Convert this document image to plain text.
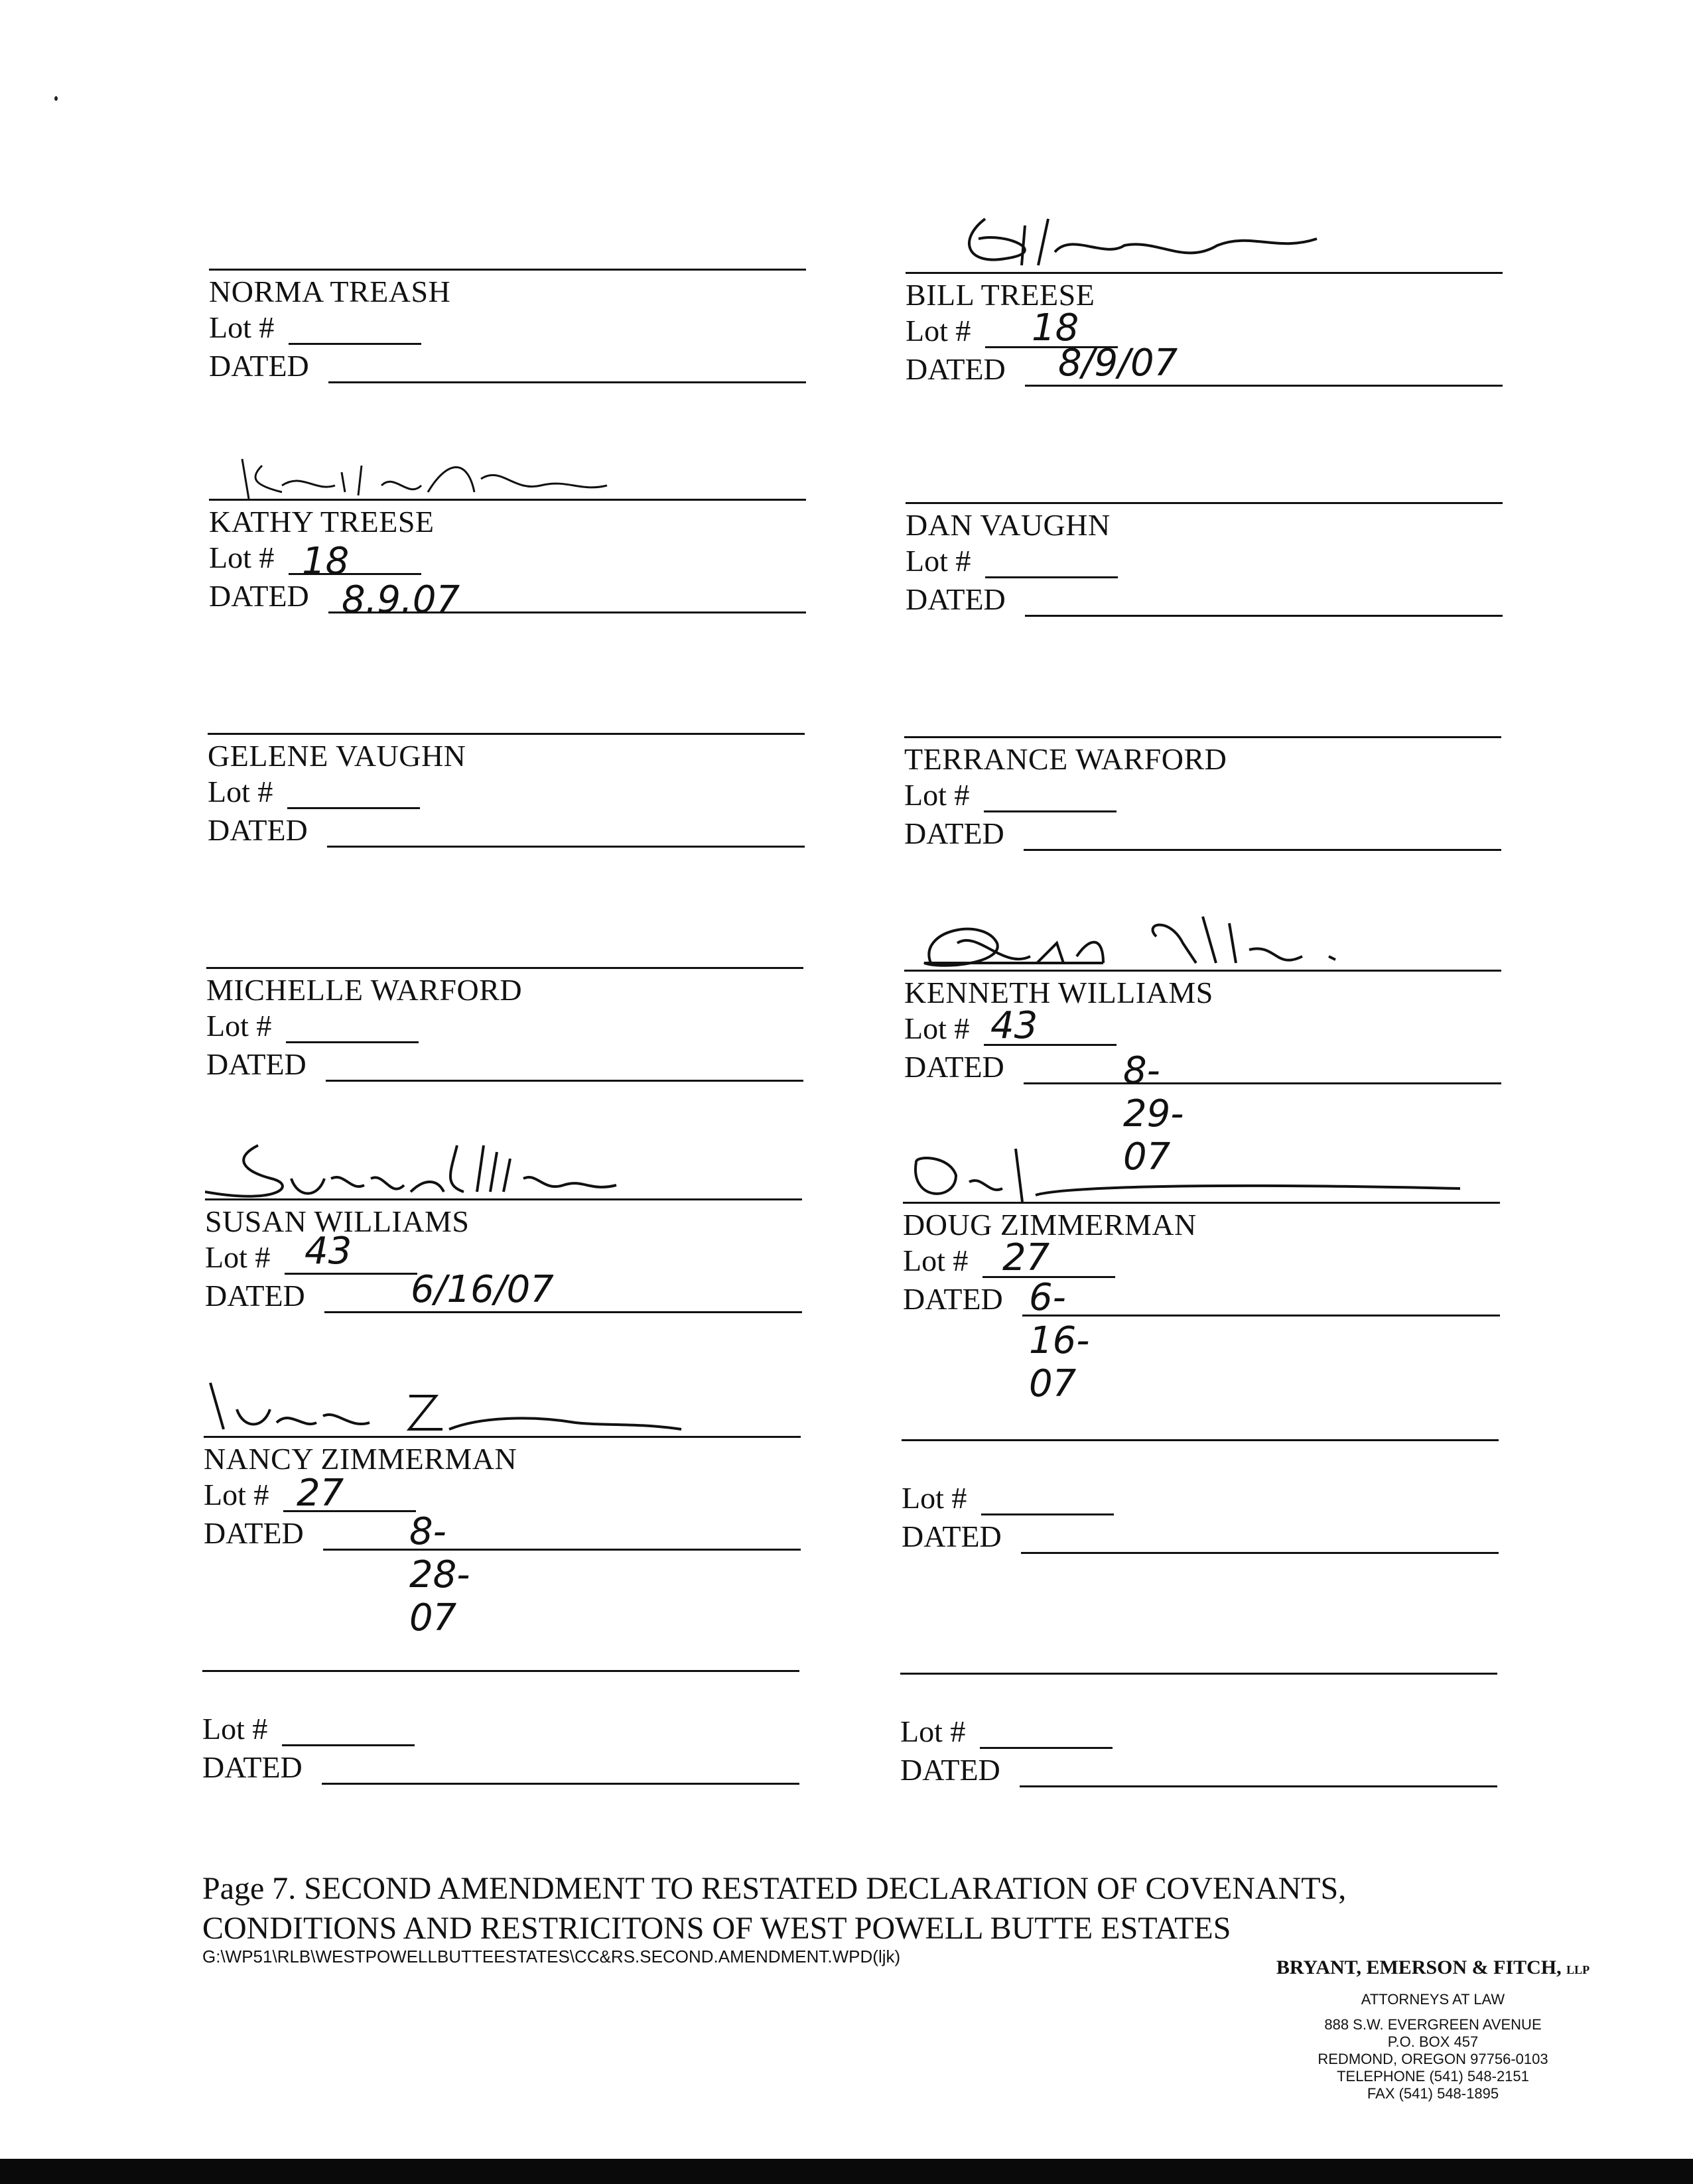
NORMA TREASH
Lot #
DATED
BILL TREESE
Lot # 18
DATED 8/9/07
KATHY TREESE
Lot # 18
DATED 8.9.07
DAN VAUGHN
Lot #
DATED
GELENE VAUGHN
Lot #
DATED
TERRANCE WARFORD
Lot #
DATED
MICHELLE WARFORD
Lot #
DATED
KENNETH WILLIAMS
Lot # 43
DATED	8-29-07
SUSAN WILLIAMS
Lot # 43
DATED	6/16/07
DOUG ZIMMERMAN
Lot # 27
DATED 6-16-07
NANCY ZIMMERMAN
Lot # 27
DATED	8-28-07
Lot #
DATED
Lot #
DATED
Lot #
DATED
Page 7. SECOND AMENDMENT TO RESTATED DECLARATION OF COVENANTS,
CONDITIONS AND RESTRICITONS OF WEST POWELL BUTTE ESTATES
G:\WP51\RLB\WESTPOWELLBUTTEESTATES\CC&RS.SECOND.AMENDMENT.WPD(ljk)	BRYANT, EMERSON & FITCH, LLP
ATTORNEYS AT LAW
888 S.W. EVERGREEN AVENUE
P.O. BOX 457
REDMOND, OREGON 97756-0103
TELEPHONE (541) 548-2151
FAX (541) 548-1895
